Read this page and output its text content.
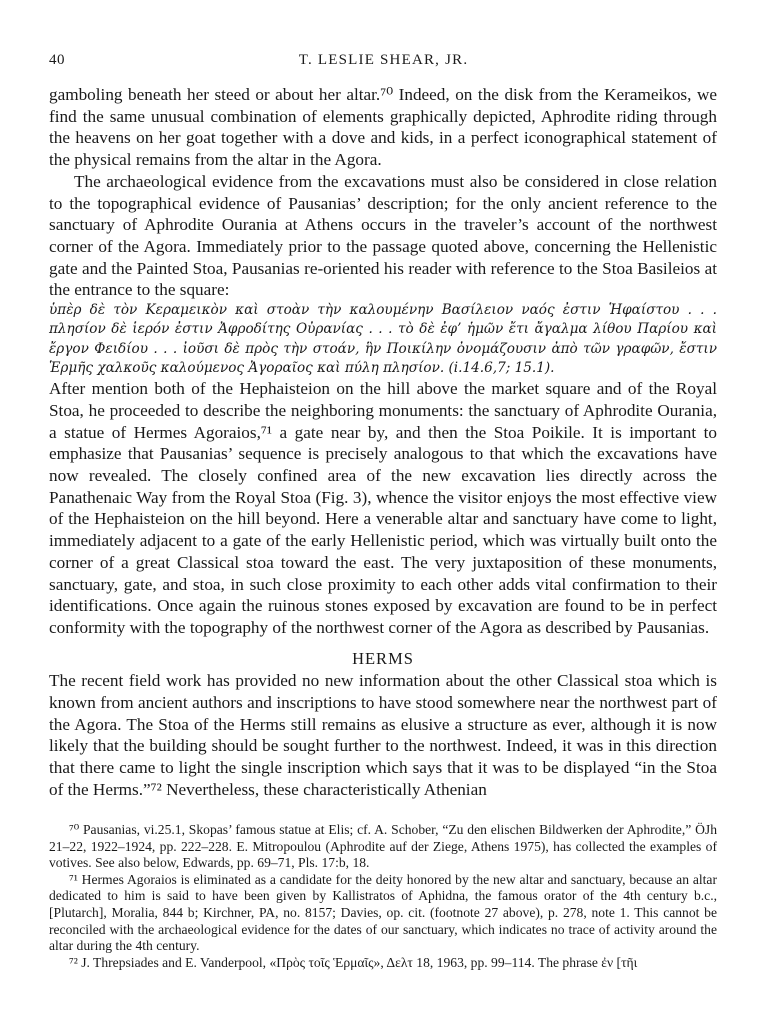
40	T. LESLIE SHEAR, JR.

gamboling beneath her steed or about her altar.⁷⁰ Indeed, on the disk from the Kerameikos, we find the same unusual combination of elements graphically depicted, Aphrodite riding through the heavens on her goat together with a dove and kids, in a perfect iconographical statement of the physical remains from the altar in the Agora.

The archaeological evidence from the excavations must also be considered in close relation to the topographical evidence of Pausanias’ description; for the only ancient reference to the sanctuary of Aphrodite Ourania at Athens occurs in the traveler’s account of the northwest corner of the Agora. Immediately prior to the passage quoted above, concerning the Hellenistic gate and the Painted Stoa, Pausanias re-oriented his reader with reference to the Stoa Basileios at the entrance to the square:

ὑπὲρ δὲ τὸν Κεραμεικὸν καὶ στοὰν τὴν καλουμένην Βασίλειον ναός ἐστιν Ἡφαίστου . . . πλησίον δὲ ἱερόν ἐστιν Ἀφροδίτης Οὐρανίας . . . τὸ δὲ ἐφ’ ἡμῶν ἔτι ἄγαλμα λίθου Παρίου καὶ ἔργον Φειδίου . . . ἰοῦσι δὲ πρὸς τὴν στοάν, ἣν Ποικίλην ὀνομάζουσιν ἀπὸ τῶν γραφῶν, ἔστιν Ἑρμῆς χαλκοῦς καλούμενος Ἀγοραῖος καὶ πύλη πλησίον. (i.14.6,7; 15.1).

After mention both of the Hephaisteion on the hill above the market square and of the Royal Stoa, he proceeded to describe the neighboring monuments: the sanctuary of Aphrodite Ourania, a statue of Hermes Agoraios,⁷¹ a gate near by, and then the Stoa Poikile. It is important to emphasize that Pausanias’ sequence is precisely analogous to that which the excavations have now revealed. The closely confined area of the new excavation lies directly across the Panathenaic Way from the Royal Stoa (Fig. 3), whence the visitor enjoys the most effective view of the Hephaisteion on the hill beyond. Here a venerable altar and sanctuary have come to light, immediately adjacent to a gate of the early Hellenistic period, which was virtually built onto the corner of a great Classical stoa toward the east. The very juxtaposition of these monuments, sanctuary, gate, and stoa, in such close proximity to each other adds vital confirmation to their identifications. Once again the ruinous stones exposed by excavation are found to be in perfect conformity with the topography of the northwest corner of the Agora as described by Pausanias.

HERMS

The recent field work has provided no new information about the other Classical stoa which is known from ancient authors and inscriptions to have stood somewhere near the northwest part of the Agora. The Stoa of the Herms still remains as elusive a structure as ever, although it is now likely that the building should be sought further to the northwest. Indeed, it was in this direction that there came to light the single inscription which says that it was to be displayed “in the Stoa of the Herms.”⁷² Nevertheless, these characteristically Athenian

⁷⁰ Pausanias, vi.25.1, Skopas’ famous statue at Elis; cf. A. Schober, “Zu den elischen Bildwerken der Aphrodite,” ÖJh 21–22, 1922–1924, pp. 222–228. E. Mitropoulou (Aphrodite auf der Ziege, Athens 1975), has collected the examples of votives. See also below, Edwards, pp. 69–71, Pls. 17:b, 18.

⁷¹ Hermes Agoraios is eliminated as a candidate for the deity honored by the new altar and sanctuary, because an altar dedicated to him is said to have been given by Kallistratos of Aphidna, the famous orator of the 4th century b.c., [Plutarch], Moralia, 844 b; Kirchner, PA, no. 8157; Davies, op. cit. (footnote 27 above), p. 278, note 1. This cannot be reconciled with the archaeological evidence for the dates of our sanctuary, which indicates no trace of activity around the altar during the 4th century.

⁷² J. Threpsiades and E. Vanderpool, «Πρὸς τοῖς Ἑρμαῖς», Δελτ 18, 1963, pp. 99–114. The phrase ἐν [τῆι
